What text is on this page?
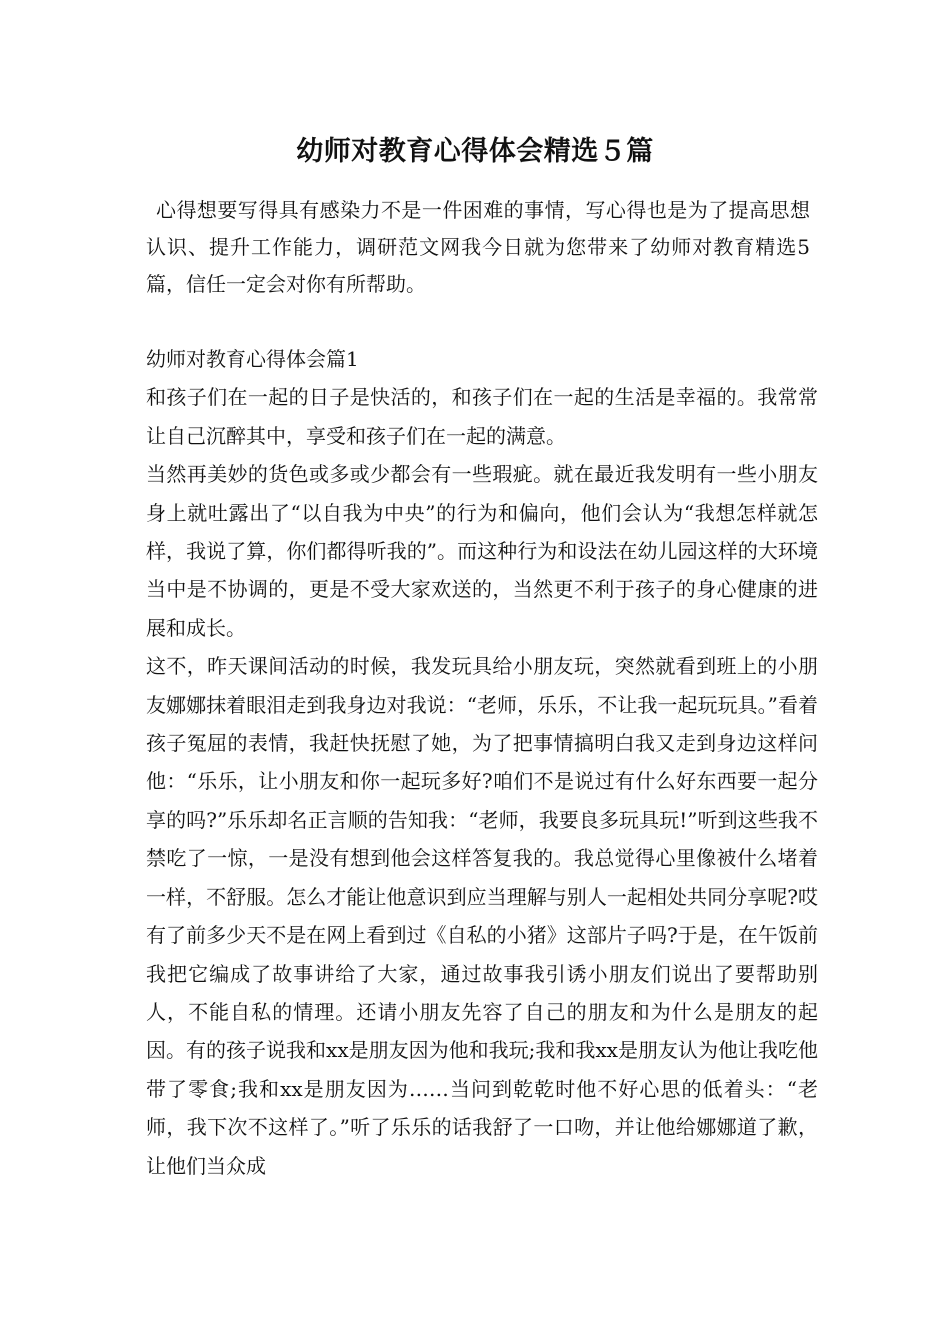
幼师对教育心得体会精选５篇

心得想要写得具有感染力不是一件困难的事情，写心得也是为了提高思想认识、提升工作能力，调研范文网我今日就为您带来了幼师对教育精选5篇，信任一定会对你有所帮助。

幼师对教育心得体会篇1

和孩子们在一起的日子是快活的，和孩子们在一起的生活是幸福的。我常常让自己沉醉其中，享受和孩子们在一起的满意。

当然再美妙的货色或多或少都会有一些瑕疵。就在最近我发明有一些小朋友身上就吐露出了“以自我为中央”的行为和偏向，他们会认为“我想怎样就怎样，我说了算，你们都得听我的”。而这种行为和设法在幼儿园这样的大环境当中是不协调的，更是不受大家欢送的，当然更不利于孩子的身心健康的进展和成长。

这不，昨天课间活动的时候，我发玩具给小朋友玩，突然就看到班上的小朋友娜娜抹着眼泪走到我身边对我说：“老师，乐乐，不让我一起玩玩具。”看着孩子冤屈的表情，我赶快抚慰了她，为了把事情搞明白我又走到身边这样问他：“乐乐，让小朋友和你一起玩多好?咱们不是说过有什么好东西要一起分享的吗?”乐乐却名正言顺的告知我：“老师，我要良多玩具玩!”听到这些我不禁吃了一惊，一是没有想到他会这样答复我的。我总觉得心里像被什么堵着一样，不舒服。怎么才能让他意识到应当理解与别人一起相处共同分享呢?哎有了前多少天不是在网上看到过《自私的小猪》这部片子吗?于是，在午饭前我把它编成了故事讲给了大家，通过故事我引诱小朋友们说出了要帮助别人，不能自私的情理。还请小朋友先容了自己的朋友和为什么是朋友的起因。有的孩子说我和xx是朋友因为他和我玩;我和我xx是朋友认为他让我吃他带了零食;我和xx是朋友因为……当问到乾乾时他不好心思的低着头：“老师，我下次不这样了。”听了乐乐的话我舒了一口吻，并让他给娜娜道了歉，让他们当众成
